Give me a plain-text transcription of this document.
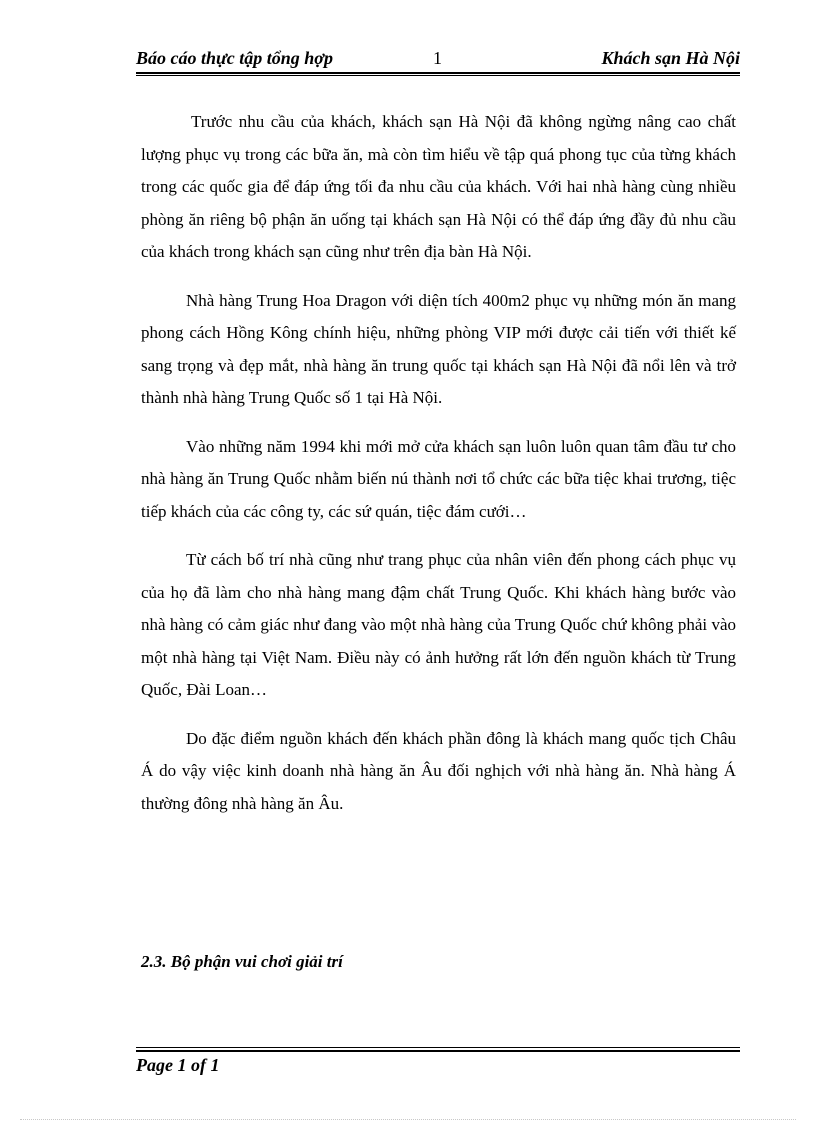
Báo cáo thực tập tổng hợp	1	Khách sạn Hà Nội

Trước nhu cầu của khách, khách sạn Hà Nội đã không ngừng nâng cao chất lượng phục vụ trong các bữa ăn, mà còn tìm hiểu về tập quá phong tục của từng khách trong các quốc gia để đáp ứng tối đa nhu cầu của khách. Với hai nhà hàng cùng nhiều phòng ăn riêng bộ phận ăn uống tại khách sạn Hà Nội có thể đáp ứng đầy đủ nhu cầu của khách trong khách sạn cũng như trên địa bàn Hà Nội.

Nhà hàng Trung Hoa Dragon với diện tích 400m2 phục vụ những món ăn mang phong cách Hồng Kông chính hiệu, những phòng VIP mới được cải tiến với thiết kế sang trọng và đẹp mắt, nhà hàng ăn trung quốc tại khách sạn Hà Nội đã nổi lên và trở thành nhà hàng Trung Quốc số 1 tại Hà Nội.

Vào những năm 1994 khi mới mở cửa khách sạn luôn luôn quan tâm đầu tư cho nhà hàng ăn Trung Quốc nhằm biến nú thành nơi tổ chức các bữa tiệc khai trương, tiệc tiếp khách của các công ty, các sứ quán, tiệc đám cưới…

Từ cách bố trí nhà cũng như trang phục của nhân viên đến phong cách phục vụ của họ đã làm cho nhà hàng mang đậm chất Trung Quốc. Khi khách hàng bước vào nhà hàng có cảm giác như đang vào một nhà hàng của Trung Quốc chứ không phải vào một nhà hàng tại Việt Nam. Điều này có ảnh hưởng rất lớn đến nguồn khách từ Trung Quốc, Đài Loan…

Do đặc điểm nguồn khách đến khách phần đông là khách mang quốc tịch Châu Á do vậy việc kinh doanh nhà hàng ăn Âu đối nghịch với nhà hàng ăn. Nhà hàng Á thường đông nhà hàng ăn Âu.

2.3. Bộ phận vui chơi giải trí
Page 1 of 1
